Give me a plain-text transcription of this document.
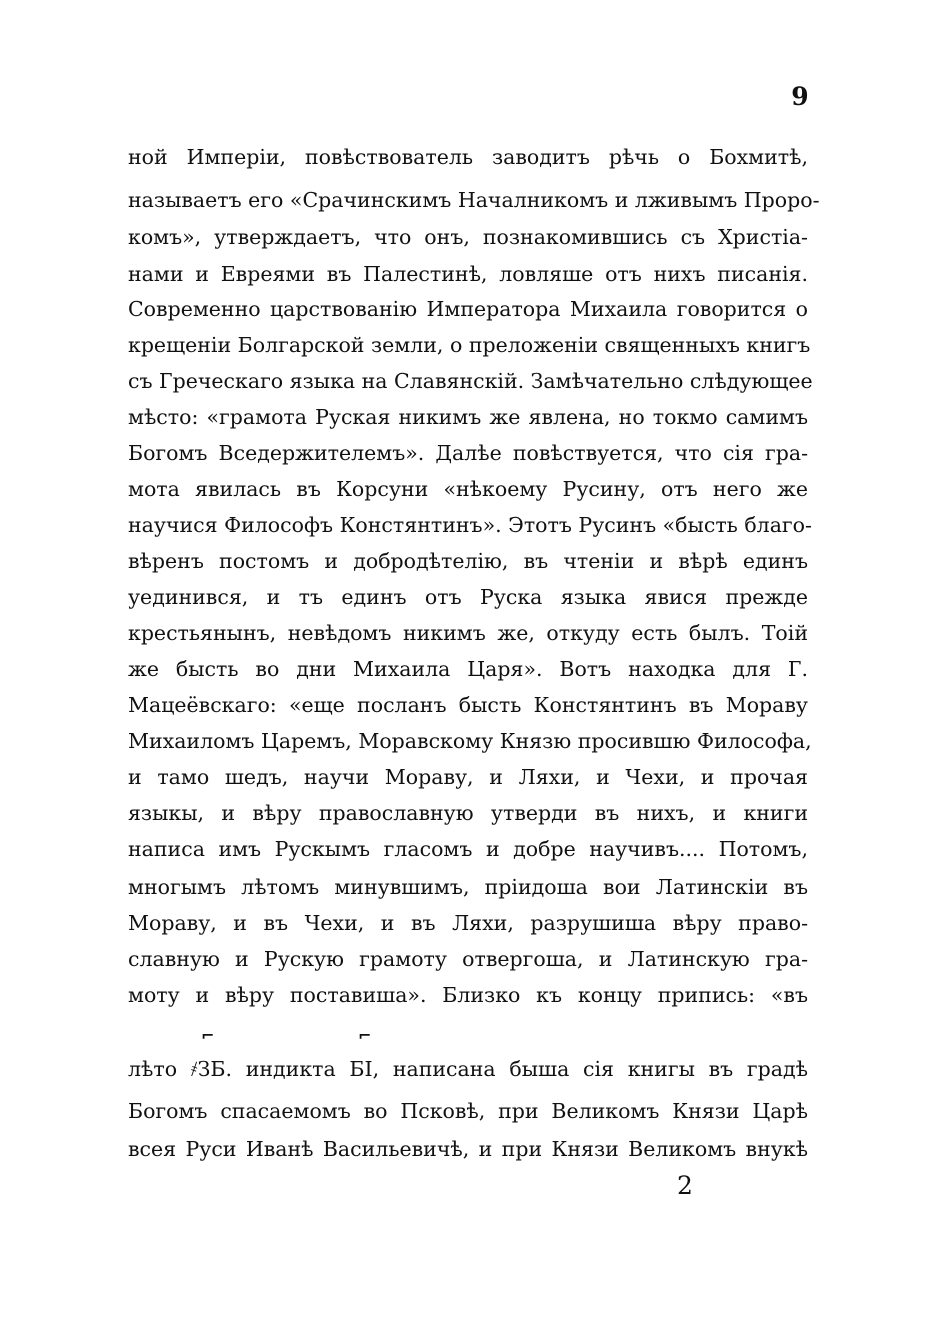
9
ной Имперіи, повѣствователь заводитъ рѣчь о Бохмитѣ,
называетъ его «Срачинскимъ Началникомъ и лживымъ Проро-
комъ», утверждаетъ, что онъ, познакомившись съ Христіа-
нами и Евреями въ Палестинѣ, ловляше отъ нихъ писанія.
Современно царствованію Императора Михаила говорится о
крещеніи Болгарской земли, о преложеніи священныхъ книгъ
съ Греческаго языка на Славянскій. Замѣчательно слѣдующее
мѣсто: «грамота Руская никимъ же явлена, но токмо самимъ
Богомъ Вседержителемъ». Далѣе повѣствуется, что сія гра-
мота явилась въ Корсуни «нѣкоему Русину, отъ него же
научися Философъ Констянтинъ». Этотъ Русинъ «бысть благо-
вѣренъ постомъ и добродѣтелію, въ чтеніи и вѣрѣ единъ
уединився, и тъ единъ отъ Руска языка явися прежде
крестьянынъ, невѣдомъ никимъ же, откуду есть былъ. Тоій
же бысть во дни Михаила Царя». Вотъ находка для Г.
Мацеёвскаго: «еще посланъ бысть Констянтинъ въ Мораву
Михаиломъ Царемъ, Моравскому Князю просившю Философа,
и тамо шедъ, научи Мораву, и Ляхи, и Чехи, и прочая
языкы, и вѣру православную утверди въ нихъ, и книги
написа имъ Рускымъ гласомъ и добре научивъ.... Потомъ,
многымъ лѣтомъ минувшимъ, пріидоша вои Латинскіи въ
Мораву, и въ Чехи, и въ Ляхи, разрушиша вѣру право-
славную и Рускую грамоту отвергоша, и Латинскую гра-
моту и вѣру поставиша». Близко къ концу припись: «въ
⌐	⌐
лѣто ҂ЗБ. индикта БІ, написана быша сія книгы въ градѣ
Богомъ спасаемомъ во Псковѣ, при Великомъ Князи Царѣ
всея Руси Иванѣ Васильевичѣ, и при Князи Великомъ внукѣ
2
